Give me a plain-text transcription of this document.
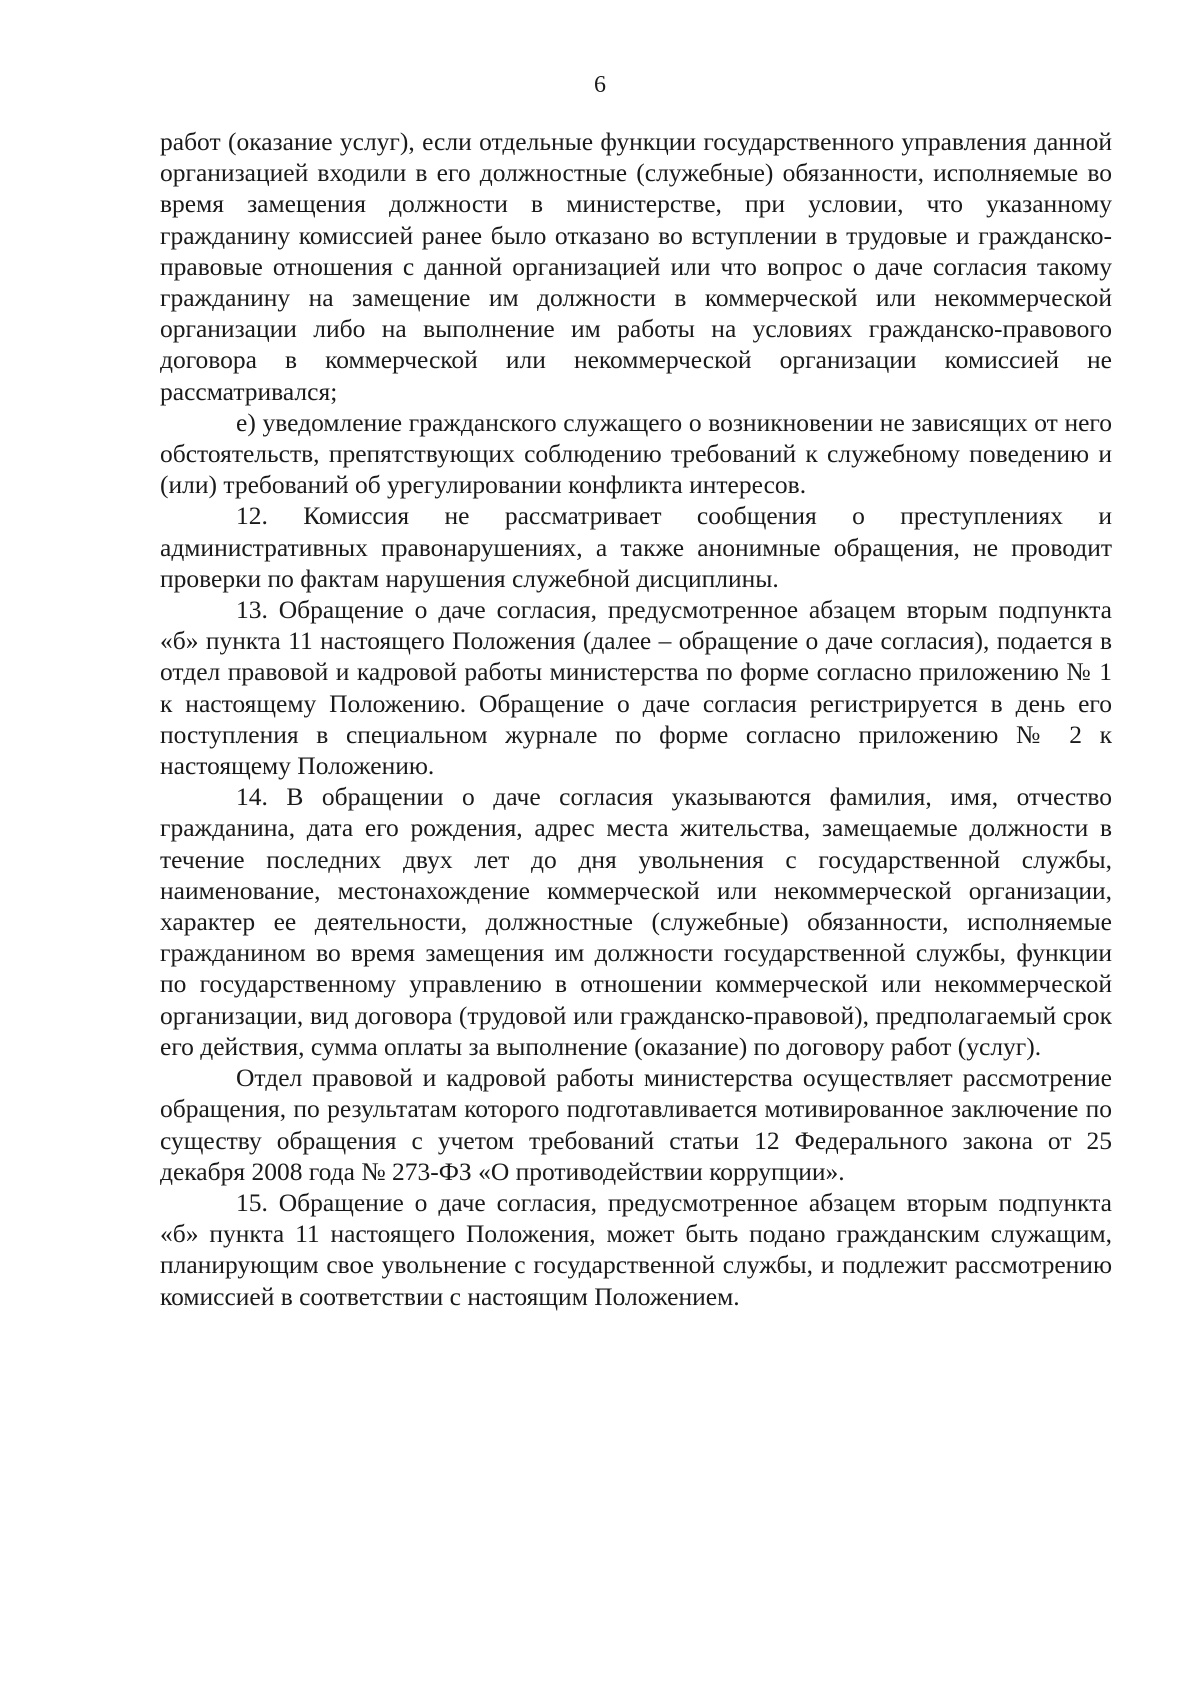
6

работ (оказание услуг), если отдельные функции государственного управления данной организацией входили в его должностные (служебные) обязанности, исполняемые во время замещения должности в министерстве, при условии, что указанному гражданину комиссией ранее было отказано во вступлении в трудовые и гражданско-правовые отношения с данной организацией или что вопрос о даче согласия такому гражданину на замещение им должности в коммерческой или некоммерческой организации либо на выполнение им работы на условиях гражданско-правового договора в коммерческой или некоммерческой организации комиссией не рассматривался;

е) уведомление гражданского служащего о возникновении не зависящих от него обстоятельств, препятствующих соблюдению требований к служебному поведению и (или) требований об урегулировании конфликта интересов.

12. Комиссия не рассматривает сообщения о преступлениях и административных правонарушениях, а также анонимные обращения, не проводит проверки по фактам нарушения служебной дисциплины.

13. Обращение о даче согласия, предусмотренное абзацем вторым подпункта «б» пункта 11 настоящего Положения (далее – обращение о даче согласия), подается в отдел правовой и кадровой работы министерства по форме согласно приложению № 1 к настоящему Положению. Обращение о даче согласия регистрируется в день его поступления в специальном журнале по форме согласно приложению № 2 к настоящему Положению.

14. В обращении о даче согласия указываются фамилия, имя, отчество гражданина, дата его рождения, адрес места жительства, замещаемые должности в течение последних двух лет до дня увольнения с государственной службы, наименование, местонахождение коммерческой или некоммерческой организации, характер ее деятельности, должностные (служебные) обязанности, исполняемые гражданином во время замещения им должности государственной службы, функции по государственному управлению в отношении коммерческой или некоммерческой организации, вид договора (трудовой или гражданско-правовой), предполагаемый срок его действия, сумма оплаты за выполнение (оказание) по договору работ (услуг).

Отдел правовой и кадровой работы министерства осуществляет рассмотрение обращения, по результатам которого подготавливается мотивированное заключение по существу обращения с учетом требований статьи 12 Федерального закона от 25 декабря 2008 года № 273-ФЗ «О противодействии коррупции».

15. Обращение о даче согласия, предусмотренное абзацем вторым подпункта «б» пункта 11 настоящего Положения, может быть подано гражданским служащим, планирующим свое увольнение с государственной службы, и подлежит рассмотрению комиссией в соответствии с настоящим Положением.
